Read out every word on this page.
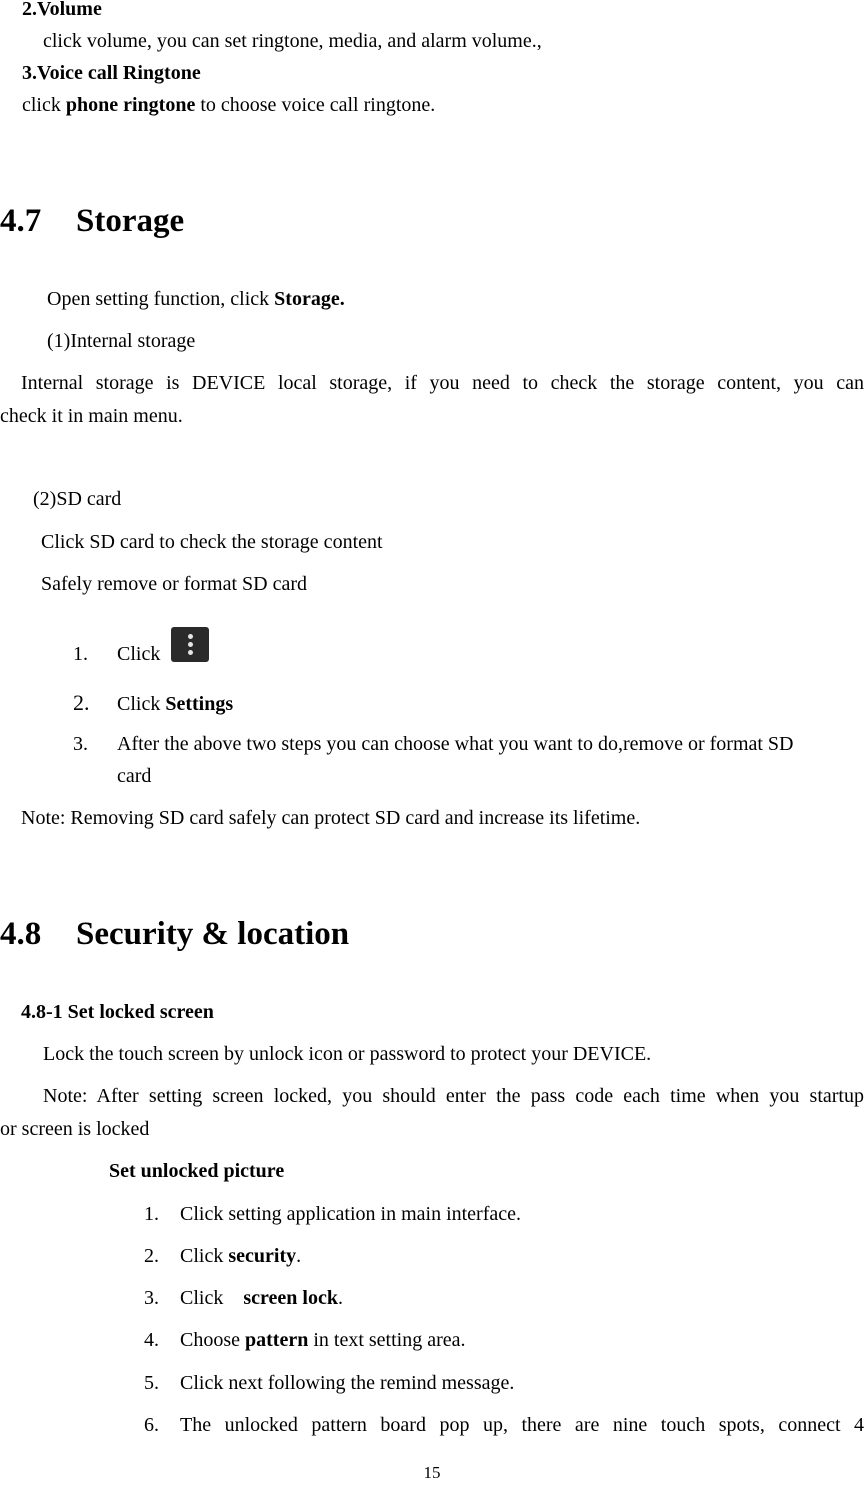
2.Volume
click volume, you can set ringtone, media, and alarm volume.,
3.Voice call Ringtone
click phone ringtone to choose voice call ringtone.
4.7 Storage
Open setting function, click Storage.
(1)Internal storage
Internal storage is DEVICE local storage, if you need to check the storage content, you can
check it in main menu.
(2)SD card
Click SD card to check the storage content
Safely remove or format SD card
1. Click
2. Click Settings
3. After the above two steps you can choose what you want to do,remove or format SD
card
Note: Removing SD card safely can protect SD card and increase its lifetime.
4.8 Security & location
4.8-1 Set locked screen
Lock the touch screen by unlock icon or password to protect your DEVICE.
Note: After setting screen locked, you should enter the pass code each time when you startup
or screen is locked
Set unlocked picture
1. Click setting application in main interface.
2. Click security.
3. Click    screen lock.
4. Choose pattern in text setting area.
5. Click next following the remind message.
6. The unlocked pattern board pop up, there are nine touch spots, connect 4
15
